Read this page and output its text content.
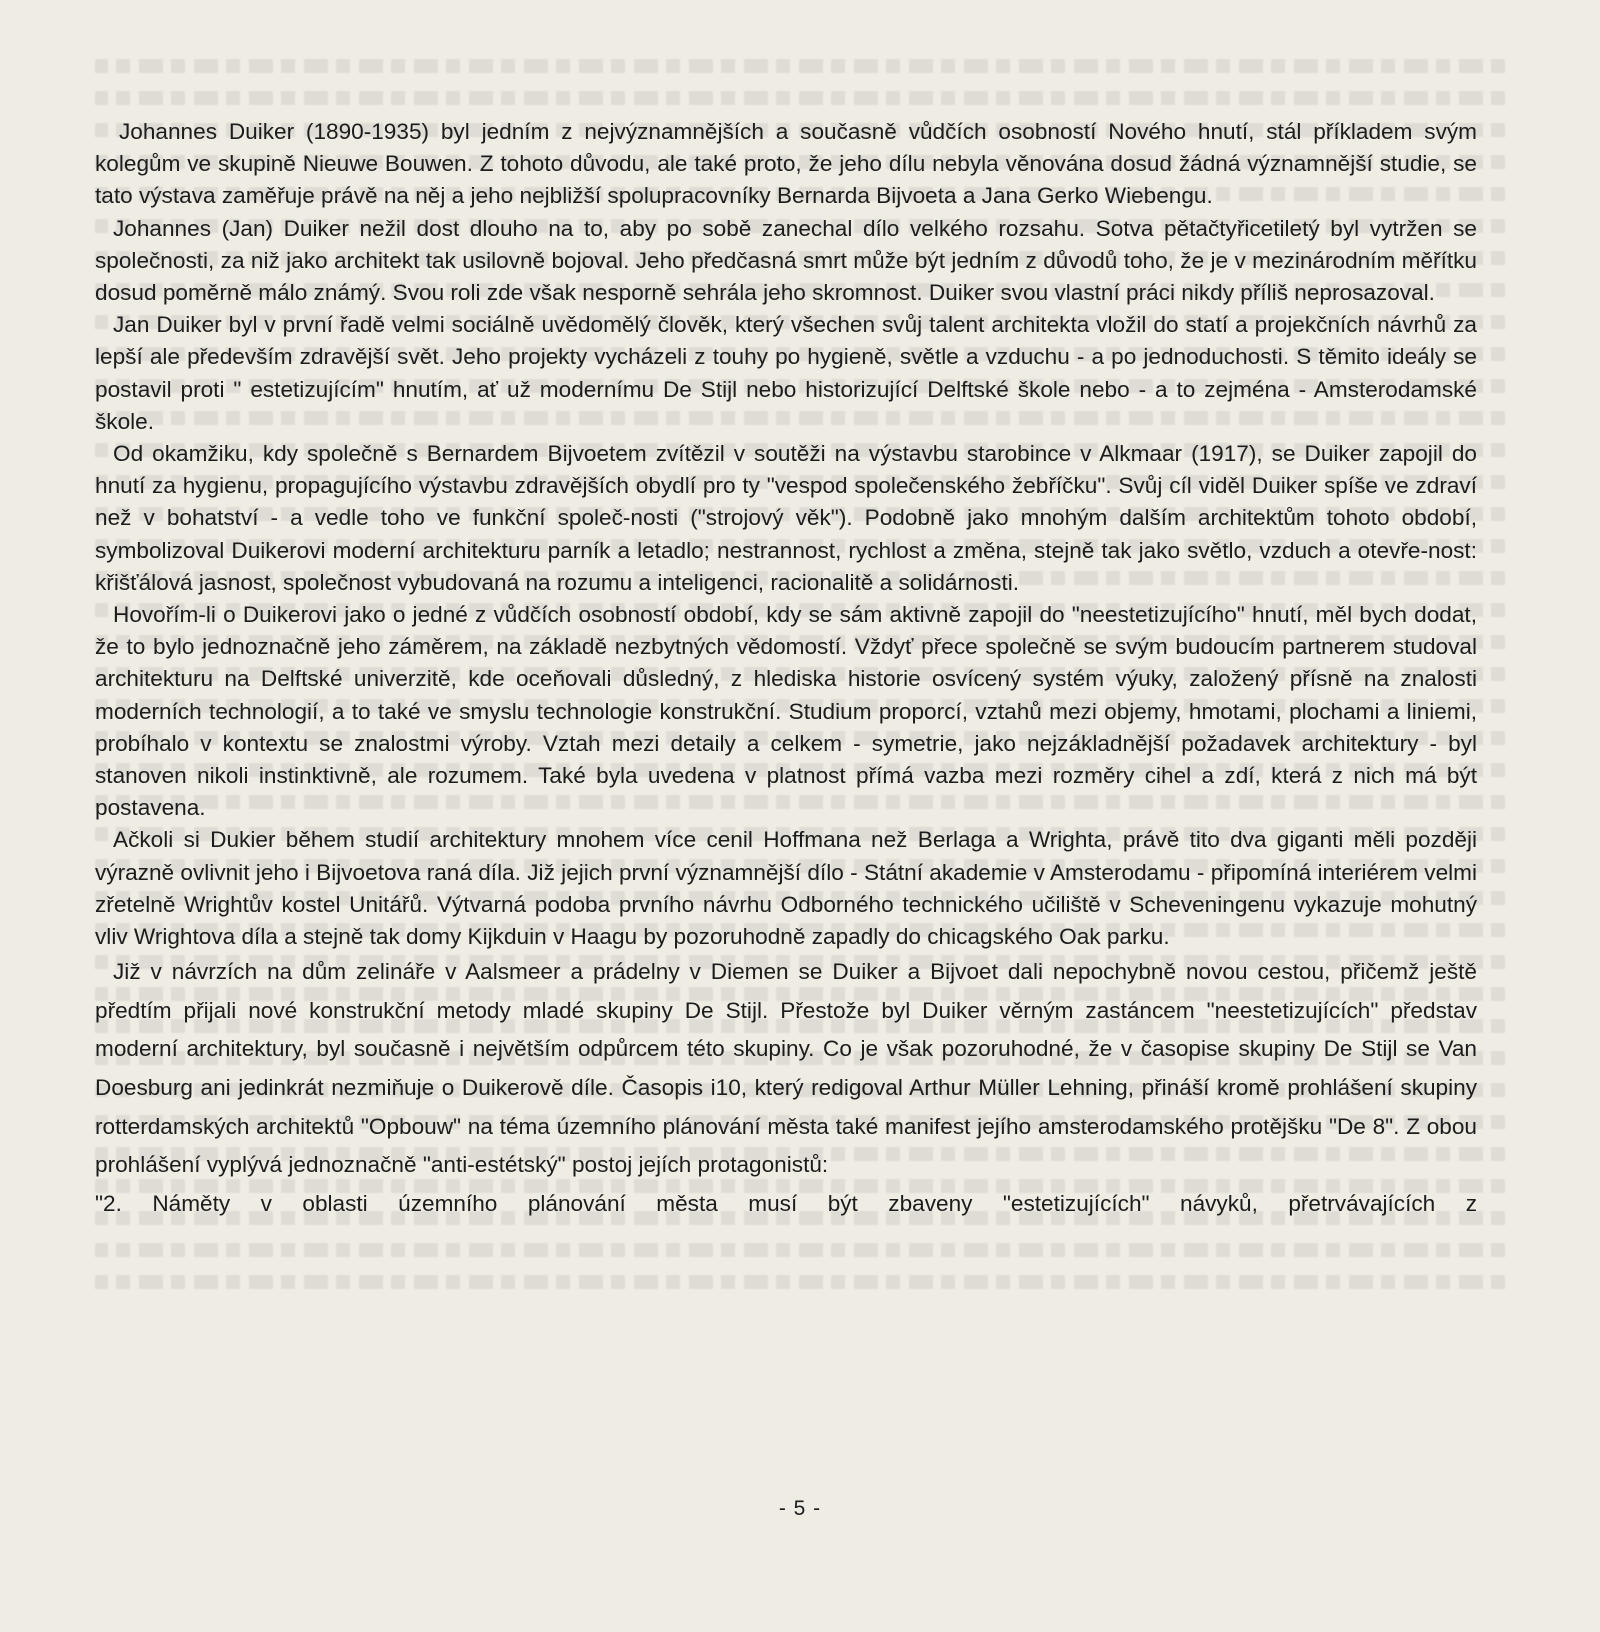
Johannes Duiker (1890-1935) byl jedním z nejvýznamnějších a současně vůdčích osobností Nového hnutí, stál příkladem svým kolegům ve skupině Nieuwe Bouwen. Z tohoto důvodu, ale také proto, že jeho dílu nebyla věnována dosud žádná významnější studie, se tato výstava zaměřuje právě na něj a jeho nejbližší spolupracovníky Bernarda Bijvoeta a Jana Gerko Wiebengu.

Johannes (Jan) Duiker nežil dost dlouho na to, aby po sobě zanechal dílo velkého rozsahu. Sotva pětačtyřicetiletý byl vytržen se společnosti, za niž jako architekt tak usilovně bojoval. Jeho předčasná smrt může být jedním z důvodů toho, že je v mezinárodním měřítku dosud poměrně málo známý. Svou roli zde však nesporně sehrála jeho skromnost. Duiker svou vlastní práci nikdy příliš neprosazoval.

Jan Duiker byl v první řadě velmi sociálně uvědomělý člověk, který všechen svůj talent architekta vložil do statí a projekčních návrhů za lepší ale především zdravější svět. Jeho projekty vycházeli z touhy po hygieně, světle a vzduchu - a po jednoduchosti. S těmito ideály se postavil proti " estetizujícím" hnutím, ať už modernímu De Stijl nebo historizující Delftské škole nebo - a to zejména - Amsterodamské škole.

Od okamžiku, kdy společně s Bernardem Bijvoetem zvítězil v soutěži na výstavbu starobince v Alkmaar (1917), se Duiker zapojil do hnutí za hygienu, propagujícího výstavbu zdravějších obydlí pro ty "vespod společenského žebříčku". Svůj cíl viděl Duiker spíše ve zdraví než v bohatství - a vedle toho ve funkční společ-nosti ("strojový věk"). Podobně jako mnohým dalším architektům tohoto období, symbolizoval Duikerovi moderní architekturu parník a letadlo; nestrannost, rychlost a změna, stejně tak jako světlo, vzduch a otevře-nost: křišťálová jasnost, společnost vybudovaná na rozumu a inteligenci, racionalitě a solidárnosti.

Hovořím-li o Duikerovi jako o jedné z vůdčích osobností období, kdy se sám aktivně zapojil do "neestetizujícího" hnutí, měl bych dodat, že to bylo jednoznačně jeho záměrem, na základě nezbytných vědomostí. Vždyť přece společně se svým budoucím partnerem studoval architekturu na Delftské univerzitě, kde oceňovali důsledný, z hlediska historie osvícený systém výuky, založený přísně na znalosti moderních technologií, a to také ve smyslu technologie konstrukční. Studium proporcí, vztahů mezi objemy, hmotami, plochami a liniemi, probíhalo v kontextu se znalostmi výroby. Vztah mezi detaily a celkem - symetrie, jako nejzákladnější požadavek architektury - byl stanoven nikoli instinktivně, ale rozumem. Také byla uvedena v platnost přímá vazba mezi rozměry cihel a zdí, která z nich má být postavena.

Ačkoli si Dukier během studií architektury mnohem více cenil Hoffmana než Berlaga a Wrighta, právě tito dva giganti měli později výrazně ovlivnit jeho i Bijvoetova raná díla. Již jejich první významnější dílo - Státní akademie v Amsterodamu - připomíná interiérem velmi zřetelně Wrightův kostel Unitářů. Výtvarná podoba prvního návrhu Odborného technického učiliště v Scheveningenu vykazuje mohutný vliv Wrightova díla a stejně tak domy Kijkduin v Haagu by pozoruhodně zapadly do chicagského Oak parku.

Již v návrzích na dům zelináře v Aalsmeer a prádelny v Diemen se Duiker a Bijvoet dali nepochybně novou cestou, přičemž ještě předtím přijali nové konstrukční metody mladé skupiny De Stijl. Přestože byl Duiker věrným zastáncem "neestetizujících" představ moderní architektury, byl současně i největším odpůrcem této skupiny. Co je však pozoruhodné, že v časopise skupiny De Stijl se Van Doesburg ani jedinkrát nezmiňuje o Duikerově díle. Časopis i10, který redigoval Arthur Müller Lehning, přináší kromě prohlášení skupiny rotterdamských architektů "Opbouw" na téma územního plánování města také manifest jejího amsterodamského protějšku "De 8". Z obou prohlášení vyplývá jednoznačně "anti-estétský" postoj jejích protagonistů:

"2. Náměty v oblasti územního plánování města musí být zbaveny "estetizujících" návyků, přetrvávajících z

- 5 -
